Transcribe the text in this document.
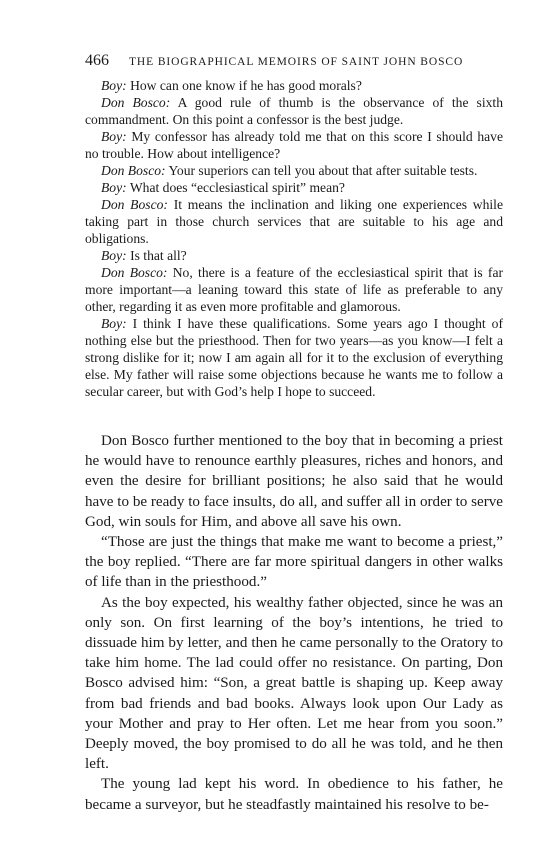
466 THE BIOGRAPHICAL MEMOIRS OF SAINT JOHN BOSCO

Boy: How can one know if he has good morals?

Don Bosco: A good rule of thumb is the observance of the sixth commandment. On this point a confessor is the best judge.

Boy: My confessor has already told me that on this score I should have no trouble. How about intelligence?

Don Bosco: Your superiors can tell you about that after suitable tests.

Boy: What does “ecclesiastical spirit” mean?

Don Bosco: It means the inclination and liking one experiences while taking part in those church services that are suitable to his age and obligations.

Boy: Is that all?

Don Bosco: No, there is a feature of the ecclesiastical spirit that is far more important—a leaning toward this state of life as preferable to any other, regarding it as even more profitable and glamorous.

Boy: I think I have these qualifications. Some years ago I thought of nothing else but the priesthood. Then for two years—as you know—I felt a strong dislike for it; now I am again all for it to the exclusion of everything else. My father will raise some objections because he wants me to follow a secular career, but with God’s help I hope to succeed.

Don Bosco further mentioned to the boy that in becoming a priest he would have to renounce earthly pleasures, riches and honors, and even the desire for brilliant positions; he also said that he would have to be ready to face insults, do all, and suffer all in order to serve God, win souls for Him, and above all save his own.

“Those are just the things that make me want to become a priest,” the boy replied. “There are far more spiritual dangers in other walks of life than in the priesthood.”

As the boy expected, his wealthy father objected, since he was an only son. On first learning of the boy’s intentions, he tried to dissuade him by letter, and then he came personally to the Oratory to take him home. The lad could offer no resistance. On parting, Don Bosco advised him: “Son, a great battle is shaping up. Keep away from bad friends and bad books. Always look upon Our Lady as your Mother and pray to Her often. Let me hear from you soon.” Deeply moved, the boy promised to do all he was told, and he then left.

The young lad kept his word. In obedience to his father, he became a surveyor, but he steadfastly maintained his resolve to be-
